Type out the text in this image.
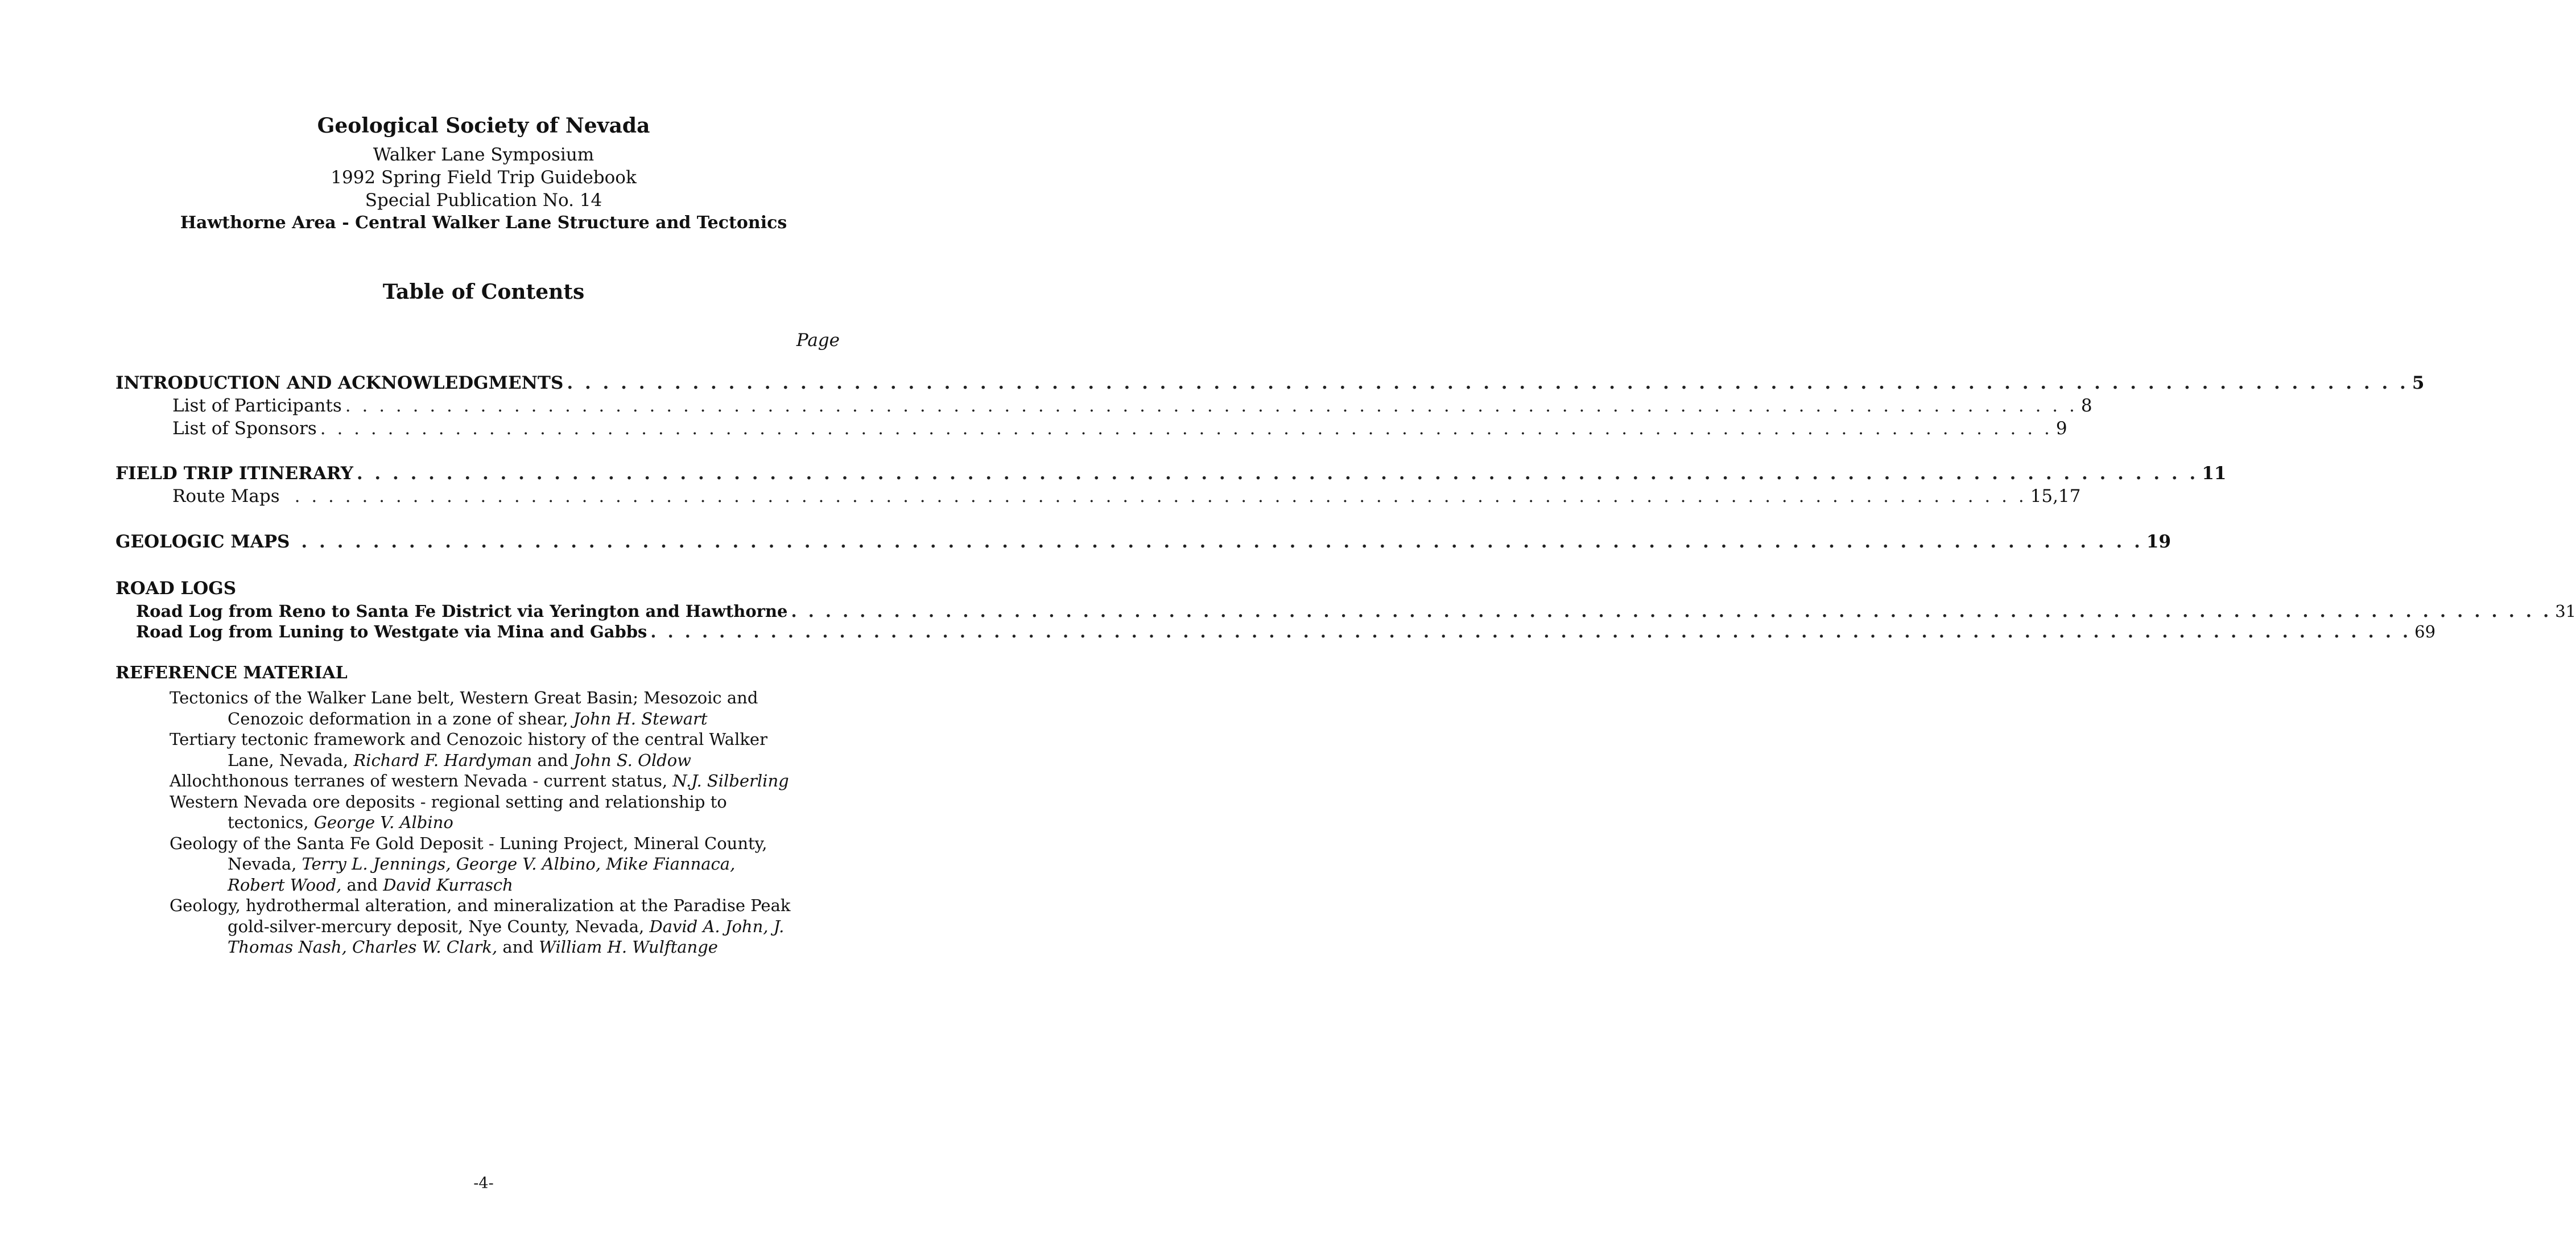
Geological Society of Nevada
Walker Lane Symposium
1992 Spring Field Trip Guidebook
Special Publication No. 14
Hawthorne Area - Central Walker Lane Structure and Tectonics
Table of Contents
Page
INTRODUCTION AND ACKNOWLEDGMENTS . . . . . . . . . . . . . . . . . . . . . . . . . . . . . . . . . . . . . . . . . . . . . . . . . . . . . . . . . . . . . . . . . . . . . . . . . . . . . . . . . . . . . . . . . . . . . . . . . . . . . . . 5
List of Participants . . . . . . . . . . . . . . . . . . . . . . . . . . . . . . . . . . . . . . . . . . . . . . . . . . . . . . . . . . . . . . . . . . . . . . . . . . . . . . . . . . . . . . . . . . . . . . . . . . . . . . . 8
List of Sponsors . . . . . . . . . . . . . . . . . . . . . . . . . . . . . . . . . . . . . . . . . . . . . . . . . . . . . . . . . . . . . . . . . . . . . . . . . . . . . . . . . . . . . . . . . . . . . . . . . . . . . . . 9
FIELD TRIP ITINERARY . . . . . . . . . . . . . . . . . . . . . . . . . . . . . . . . . . . . . . . . . . . . . . . . . . . . . . . . . . . . . . . . . . . . . . . . . . . . . . . . . . . . . . . . . . . . . . . . . . . . . . . 11
Route Maps . . . . . . . . . . . . . . . . . . . . . . . . . . . . . . . . . . . . . . . . . . . . . . . . . . . . . . . . . . . . . . . . . . . . . . . . . . . . . . . . . . . . . . . . . . . . . . . . . . . . . . . 15,17
GEOLOGIC MAPS . . . . . . . . . . . . . . . . . . . . . . . . . . . . . . . . . . . . . . . . . . . . . . . . . . . . . . . . . . . . . . . . . . . . . . . . . . . . . . . . . . . . . . . . . . . . . . . . . . . . . . . 19
ROAD LOGS
Road Log from Reno to Santa Fe District via Yerington and Hawthorne . . . . . . . . . . . . . . . . . . . . . . . . . . . . . . . . . . . . . . . . . . . . . . . . . . . . . . . . . . . . . . . . . . . . . . . . . . . . . . . . . . . . . . . . . . . . . . . . . . . . . . . 31
Road Log from Luning to Westgate via Mina and Gabbs . . . . . . . . . . . . . . . . . . . . . . . . . . . . . . . . . . . . . . . . . . . . . . . . . . . . . . . . . . . . . . . . . . . . . . . . . . . . . . . . . . . . . . . . . . . . . . . . . . . . . . . 69
REFERENCE MATERIAL

Tectonics of the Walker Lane belt, Western Great Basin; Mesozoic and Cenozoic deformation in a zone of shear, John H. Stewart

Tertiary tectonic framework and Cenozoic history of the central Walker Lane, Nevada, Richard F. Hardyman and John S. Oldow

Allochthonous terranes of western Nevada - current status, N.J. Silberling

Western Nevada ore deposits - regional setting and relationship to tectonics, George V. Albino

Geology of the Santa Fe Gold Deposit - Luning Project, Mineral County, Nevada, Terry L. Jennings, George V. Albino, Mike Fiannaca, Robert Wood, and David Kurrasch

Geology, hydrothermal alteration, and mineralization at the Paradise Peak gold-silver-mercury deposit, Nye County, Nevada, David A. John, J. Thomas Nash, Charles W. Clark, and William H. Wulftange

-4-
